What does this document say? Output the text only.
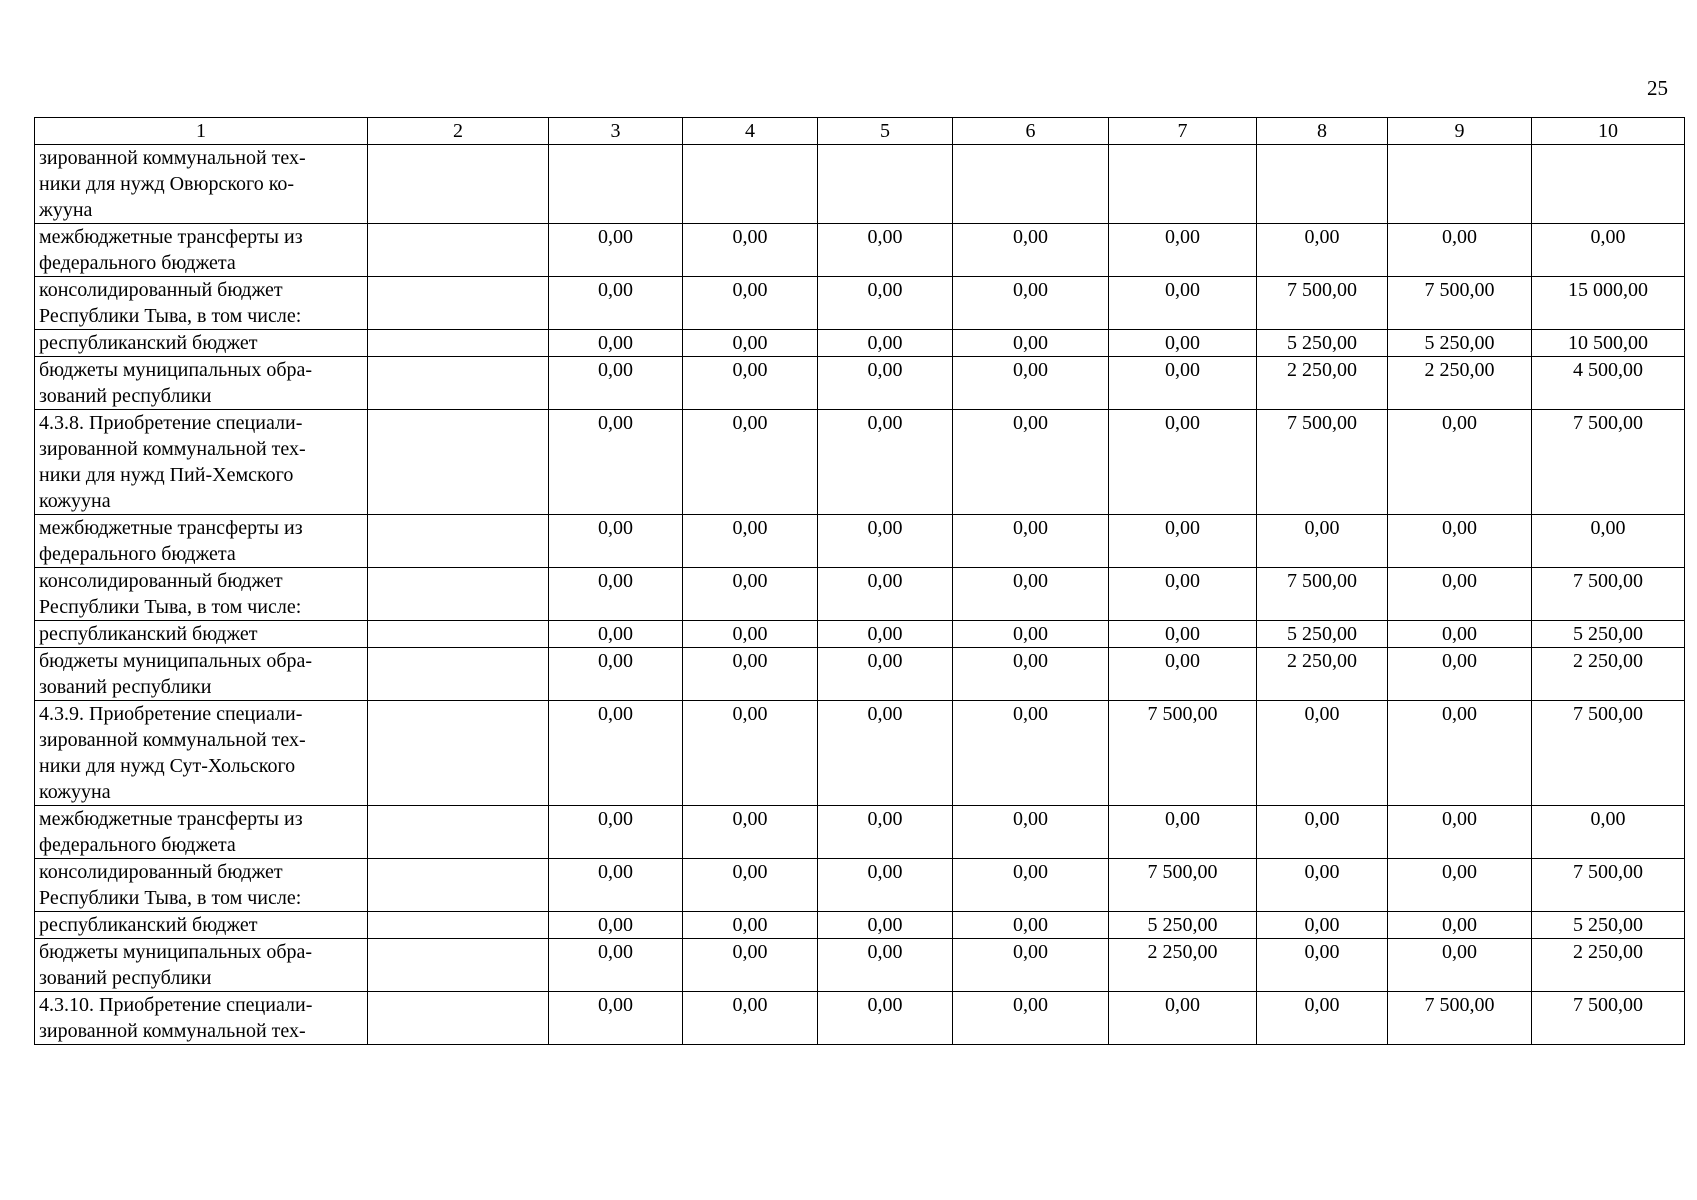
25
1	2	3	4	5	6	7	8	9	10
зированной коммунальной тех-
ники для нужд Овюрского ко-
жууна									
межбюджетные трансферты из
федерального бюджета		0,00	0,00	0,00	0,00	0,00	0,00	0,00	0,00
консолидированный бюджет
Республики Тыва, в том числе:		0,00	0,00	0,00	0,00	0,00	7 500,00	7 500,00	15 000,00
республиканский бюджет		0,00	0,00	0,00	0,00	0,00	5 250,00	5 250,00	10 500,00
бюджеты муниципальных обра-
зований республики		0,00	0,00	0,00	0,00	0,00	2 250,00	2 250,00	4 500,00
4.3.8. Приобретение специали-
зированной коммунальной тех-
ники для нужд Пий-Хемского
кожууна		0,00	0,00	0,00	0,00	0,00	7 500,00	0,00	7 500,00
межбюджетные трансферты из
федерального бюджета		0,00	0,00	0,00	0,00	0,00	0,00	0,00	0,00
консолидированный бюджет
Республики Тыва, в том числе:		0,00	0,00	0,00	0,00	0,00	7 500,00	0,00	7 500,00
республиканский бюджет		0,00	0,00	0,00	0,00	0,00	5 250,00	0,00	5 250,00
бюджеты муниципальных обра-
зований республики		0,00	0,00	0,00	0,00	0,00	2 250,00	0,00	2 250,00
4.3.9. Приобретение специали-
зированной коммунальной тех-
ники для нужд Сут-Хольского
кожууна		0,00	0,00	0,00	0,00	7 500,00	0,00	0,00	7 500,00
межбюджетные трансферты из
федерального бюджета		0,00	0,00	0,00	0,00	0,00	0,00	0,00	0,00
консолидированный бюджет
Республики Тыва, в том числе:		0,00	0,00	0,00	0,00	7 500,00	0,00	0,00	7 500,00
республиканский бюджет		0,00	0,00	0,00	0,00	5 250,00	0,00	0,00	5 250,00
бюджеты муниципальных обра-
зований республики		0,00	0,00	0,00	0,00	2 250,00	0,00	0,00	2 250,00
4.3.10. Приобретение специали-
зированной коммунальной тех-		0,00	0,00	0,00	0,00	0,00	0,00	7 500,00	7 500,00
